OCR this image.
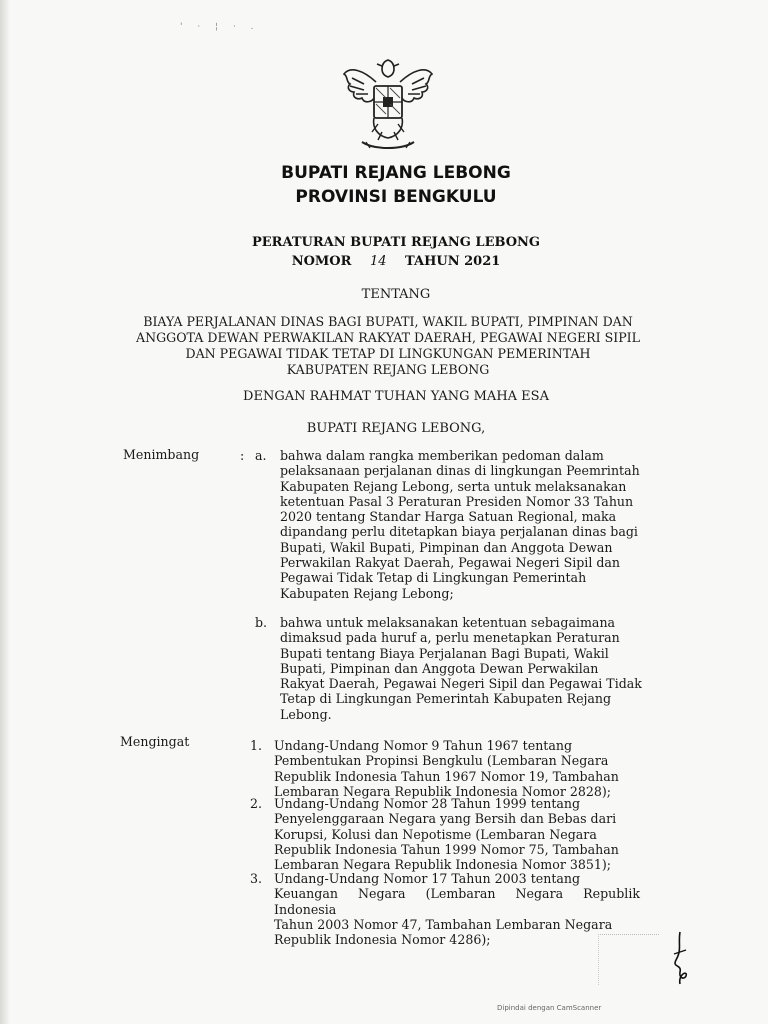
' · ¦ · .
BUPATI REJANG LEBONG
PROVINSI BENGKULU
PERATURAN BUPATI REJANG LEBONG
NOMOR 14 TAHUN 2021
TENTANG
BIAYA PERJALANAN DINAS BAGI BUPATI, WAKIL BUPATI, PIMPINAN DAN
ANGGOTA DEWAN PERWAKILAN RAKYAT DAERAH, PEGAWAI NEGERI SIPIL
DAN PEGAWAI TIDAK TETAP DI LINGKUNGAN PEMERINTAH
KABUPATEN REJANG LEBONG
DENGAN RAHMAT TUHAN YANG MAHA ESA
BUPATI REJANG LEBONG,
Menimbang	: a. bahwa dalam rangka memberikan pedoman dalam

pelaksanaan perjalanan dinas di lingkungan Peemrintah

Kabupaten Rejang Lebong, serta untuk melaksanakan

ketentuan Pasal 3 Peraturan Presiden Nomor 33 Tahun

2020 tentang Standar Harga Satuan Regional, maka

dipandang perlu ditetapkan biaya perjalanan dinas bagi

Bupati, Wakil Bupati, Pimpinan dan Anggota Dewan

Perwakilan Rakyat Daerah, Pegawai Negeri Sipil dan

Pegawai Tidak Tetap di Lingkungan Pemerintah

Kabupaten Rejang Lebong;

b. bahwa untuk melaksanakan ketentuan sebagaimana

dimaksud pada huruf a, perlu menetapkan Peraturan

Bupati tentang Biaya Perjalanan Bagi Bupati, Wakil

Bupati, Pimpinan dan Anggota Dewan Perwakilan

Rakyat Daerah, Pegawai Negeri Sipil dan Pegawai Tidak

Tetap di Lingkungan Pemerintah Kabupaten Rejang

Lebong.

Mengingat	1. Undang-Undang Nomor 9 Tahun 1967 tentang

Pembentukan Propinsi Bengkulu (Lembaran Negara

Republik Indonesia Tahun 1967 Nomor 19, Tambahan

Lembaran Negara Republik Indonesia Nomor 2828);

2. Undang-Undang Nomor 28 Tahun 1999 tentang

Penyelenggaraan Negara yang Bersih dan Bebas dari

Korupsi, Kolusi dan Nepotisme (Lembaran Negara

Republik Indonesia Tahun 1999 Nomor 75, Tambahan

Lembaran Negara Republik Indonesia Nomor 3851);

3. Undang-Undang Nomor 17 Tahun 2003 tentang

Keuangan Negara (Lembaran Negara Republik Indonesia

Tahun 2003 Nomor 47, Tambahan Lembaran Negara

Republik Indonesia Nomor 4286);

Dipindai dengan CamScanner
